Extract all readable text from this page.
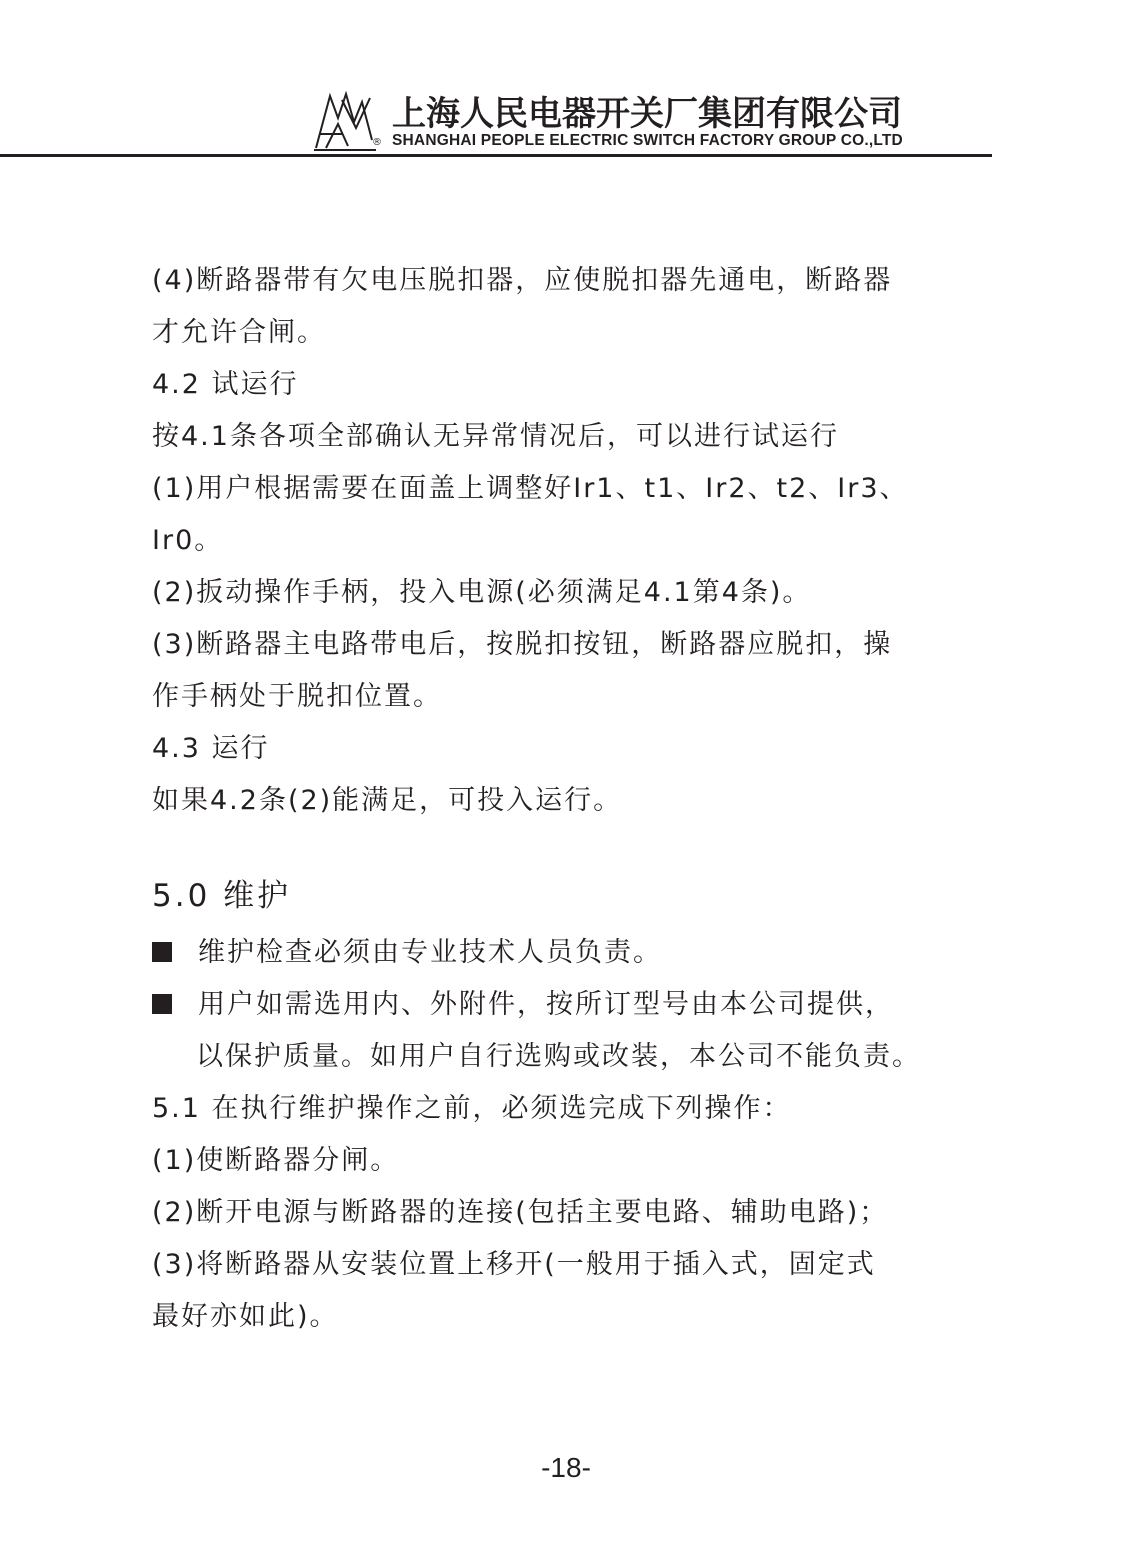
®
上海人民电器开关厂集团有限公司
SHANGHAI PEOPLE ELECTRIC SWITCH FACTORY GROUP CO.,LTD
(4)断路器带有欠电压脱扣器，应使脱扣器先通电，断路器
才允许合闸。
4.2 试运行
按4.1条各项全部确认无异常情况后，可以进行试运行
(1)用户根据需要在面盖上调整好Ir1、t1、Ir2、t2、Ir3、
Ir0。
(2)扳动操作手柄，投入电源(必须满足4.1第4条)。
(3)断路器主电路带电后，按脱扣按钮，断路器应脱扣，操
作手柄处于脱扣位置。
4.3 运行
如果4.2条(2)能满足，可投入运行。
5.0 维护
维护检查必须由专业技术人员负责。
用户如需选用内、外附件，按所订型号由本公司提供，
以保护质量。如用户自行选购或改装，本公司不能负责。
5.1 在执行维护操作之前，必须选完成下列操作：
(1)使断路器分闸。
(2)断开电源与断路器的连接(包括主要电路、辅助电路)；
(3)将断路器从安装位置上移开(一般用于插入式，固定式
最好亦如此)。
-18-
